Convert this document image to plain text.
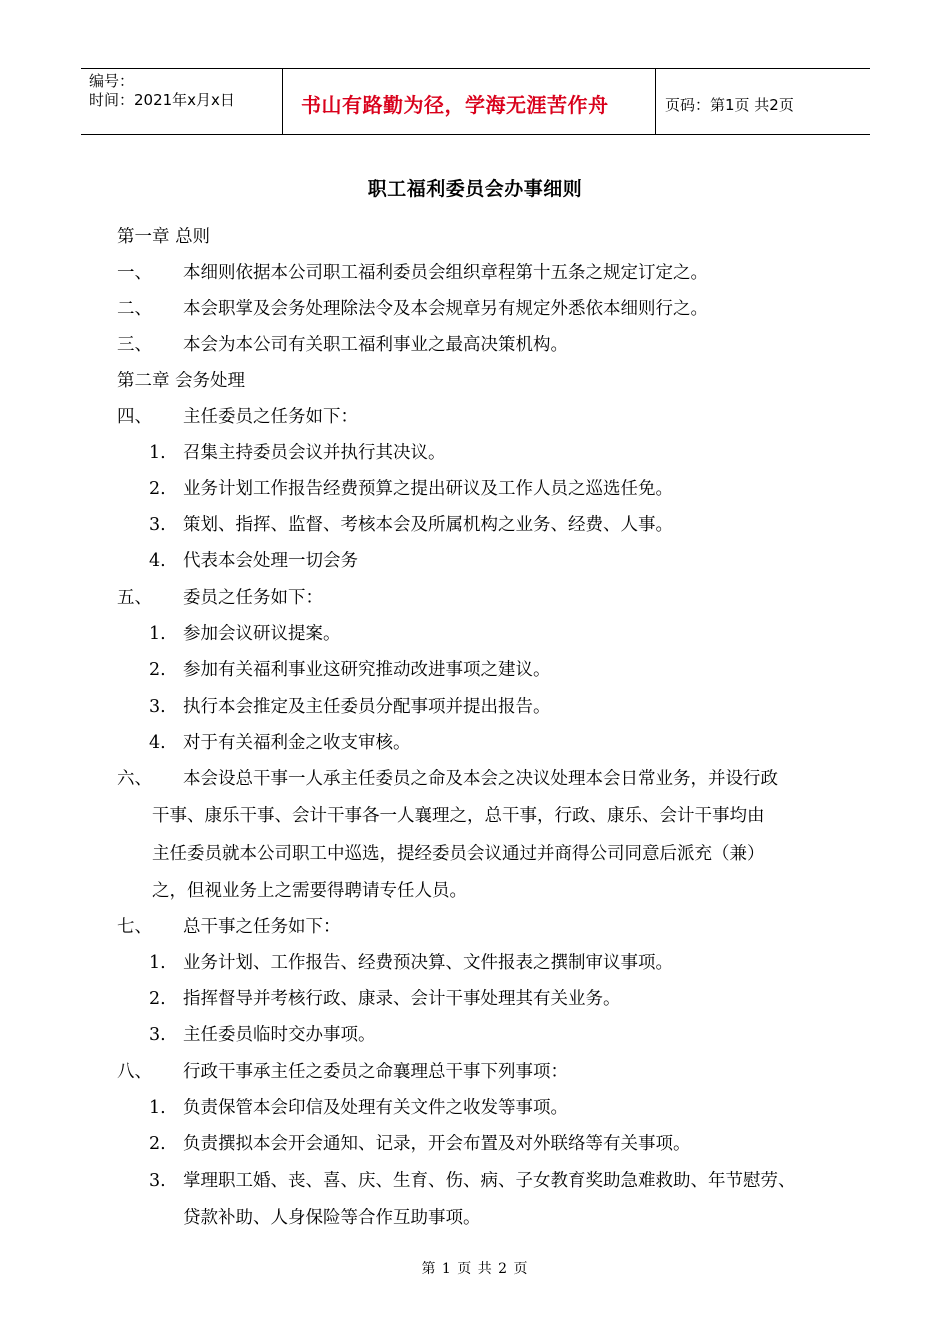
编号：
时间：2021年x月x日	书山有路勤为径，学海无涯苦作舟	页码：第1页 共2页
职工福利委员会办事细则
第一章 总则
一、 本细则依据本公司职工福利委员会组织章程第十五条之规定订定之。
二、 本会职掌及会务处理除法令及本会规章另有规定外悉依本细则行之。
三、 本会为本公司有关职工福利事业之最高决策机构。
第二章 会务处理
四、 主任委员之任务如下：
1. 召集主持委员会议并执行其决议。
2. 业务计划工作报告经费预算之提出研议及工作人员之巡选任免。
3. 策划、指挥、监督、考核本会及所属机构之业务、经费、人事。
4. 代表本会处理一切会务
五、 委员之任务如下：
1. 参加会议研议提案。
2. 参加有关福利事业这研究推动改进事项之建议。
3. 执行本会推定及主任委员分配事项并提出报告。
4. 对于有关福利金之收支审核。
六、 本会设总干事一人承主任委员之命及本会之决议处理本会日常业务，并设行政
干事、康乐干事、会计干事各一人襄理之，总干事，行政、康乐、会计干事均由
主任委员就本公司职工中巡选，提经委员会议通过并商得公司同意后派充（兼）
之，但视业务上之需要得聘请专任人员。
七、 总干事之任务如下：
1. 业务计划、工作报告、经费预决算、文件报表之撰制审议事项。
2. 指挥督导并考核行政、康录、会计干事处理其有关业务。
3. 主任委员临时交办事项。
八、 行政干事承主任之委员之命襄理总干事下列事项：
1. 负责保管本会印信及处理有关文件之收发等事项。
2. 负责撰拟本会开会通知、记录，开会布置及对外联络等有关事项。
3. 掌理职工婚、丧、喜、庆、生育、伤、病、子女教育奖助急难救助、年节慰劳、
贷款补助、人身保险等合作互助事项。
第 1 页 共 2 页
